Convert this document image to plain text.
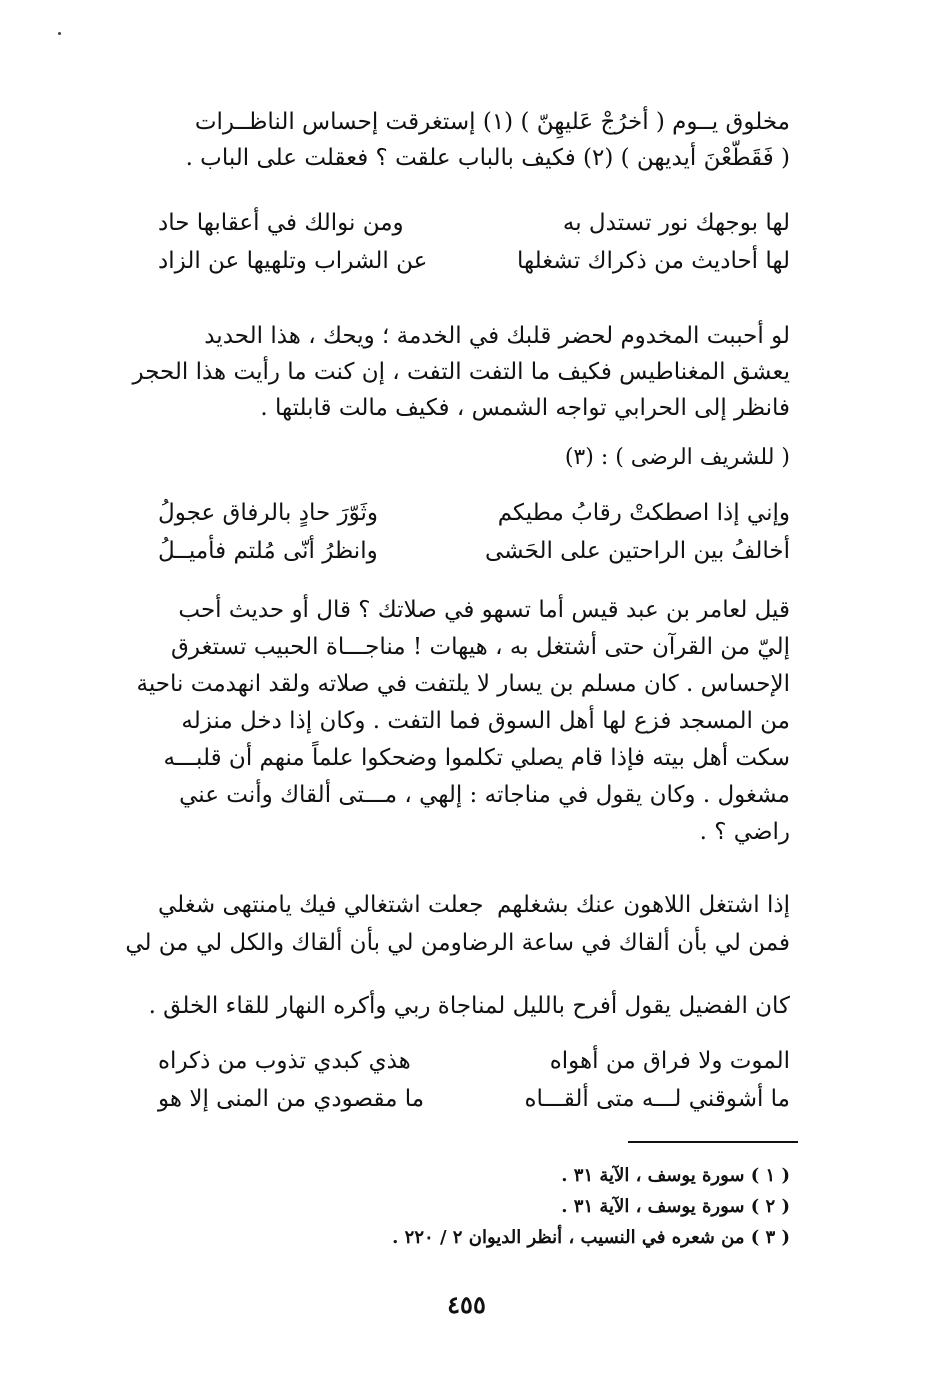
مخلوق يــوم ( أخرُجْ عَليهِنّ ) (١) إستغرقت إحساس الناظــرات
( فَقَطّعْنَ أيديهن ) (٢) فكيف بالباب علقت ؟ فعقلت على الباب .
لها بوجهك نور تستدل به
ومن نوالك في أعقابها حاد
لها أحاديث من ذكراك تشغلها
عن الشراب وتلهيها عن الزاد
لو أحببت المخدوم لحضر قلبك في الخدمة ؛ ويحك ، هذا الحديد
يعشق المغناطيس فكيف ما التفت التفت ، إن كنت ما رأيت هذا الحجر
فانظر إلى الحرابي تواجه الشمس ، فكيف مالت قابلتها .
( للشريف الرضى ) : (٣)
وإني إذا اصطكتْ رقابُ مطيكم
وثَوّرَ حادٍ بالرفاق عجولُ
أخالفُ بين الراحتين على الحَشى
وانظرُ أنّى مُلتم فأميــلُ
قيل لعامر بن عبد قيس أما تسهو في صلاتك ؟ قال أو حديث أحب
إليّ من القرآن حتى أشتغل به ، هيهات ! مناجـــاة الحبيب تستغرق
الإحساس . كان مسلم بن يسار لا يلتفت في صلاته ولقد انهدمت ناحية
من المسجد فزع لها أهل السوق فما التفت . وكان إذا دخل منزله
سكت أهل بيته فإذا قام يصلي تكلموا وضحكوا علماً منهم أن قلبـــه
مشغول . وكان يقول في مناجاته : إلهي ، مـــتى ألقاك وأنت عني
راضي ؟ .
إذا اشتغل اللاهون عنك بشغلهم
جعلت اشتغالي فيك يامنتهى شغلي
فمن لي بأن ألقاك في ساعة الرضا
ومن لي بأن ألقاك والكل لي من لي
كان الفضيل يقول أفرح بالليل لمناجاة ربي وأكره النهار للقاء الخلق .
الموت ولا فراق من أهواه
هذي كبدي تذوب من ذكراه
ما أشوقني لـــه متى ألقـــاه
ما مقصودي من المنى إلا هو
( ١ ) سورة يوسف ، الآية ٣١ .
( ٢ ) سورة يوسف ، الآية ٣١ .
( ٣ ) من شعره في النسيب ، أنظر الديوان ٢ / ٢٢٠ .
٤٥٥
